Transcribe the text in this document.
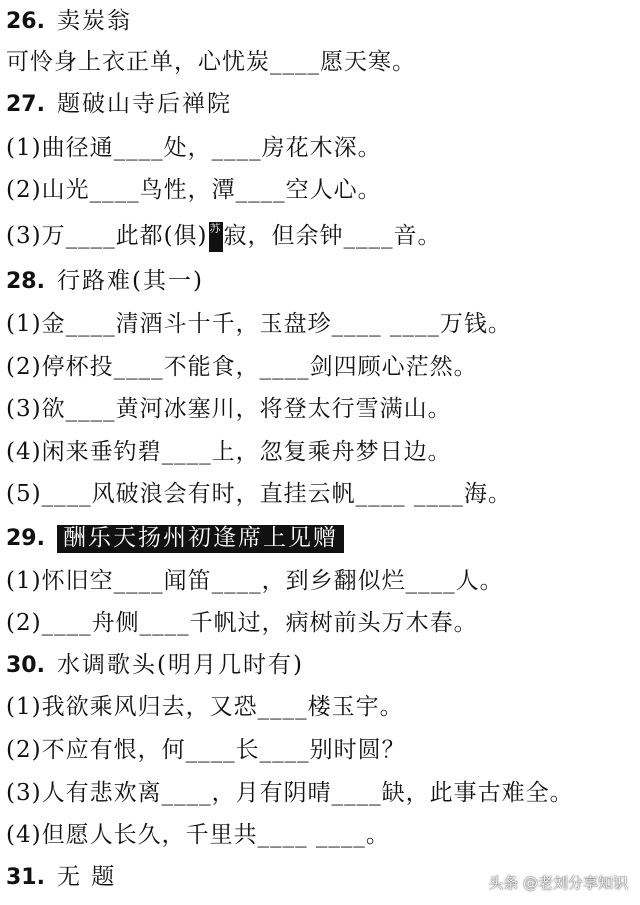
26. 卖炭翁
可怜身上衣正单，心忧炭____愿天寒。
27. 题破山寺后禅院
(1)曲径通____处，____房花木深。
(2)山光____鸟性，潭____空人心。
(3)万____此都(俱) 苏寂，但余钟____音。
28. 行路难(其一)
(1)金____清酒斗十千，玉盘珍____ ____万钱。
(2)停杯投____不能食，____剑四顾心茫然。
(3)欲____黄河冰塞川，将登太行雪满山。
(4)闲来垂钓碧____上，忽复乘舟梦日边。
(5)____风破浪会有时，直挂云帆____ ____海。
29. 酬乐天扬州初逢席上见赠
(1)怀旧空____闻笛____，到乡翻似烂____人。
(2)____舟侧____千帆过，病树前头万木春。
30. 水调歌头(明月几时有)
(1)我欲乘风归去，又恐____楼玉宇。
(2)不应有恨，何____长____别时圆？
(3)人有悲欢离____，月有阴晴____缺，此事古难全。
(4)但愿人长久，千里共____ ____。
31. 无 题	头条 @老刘分享知识
